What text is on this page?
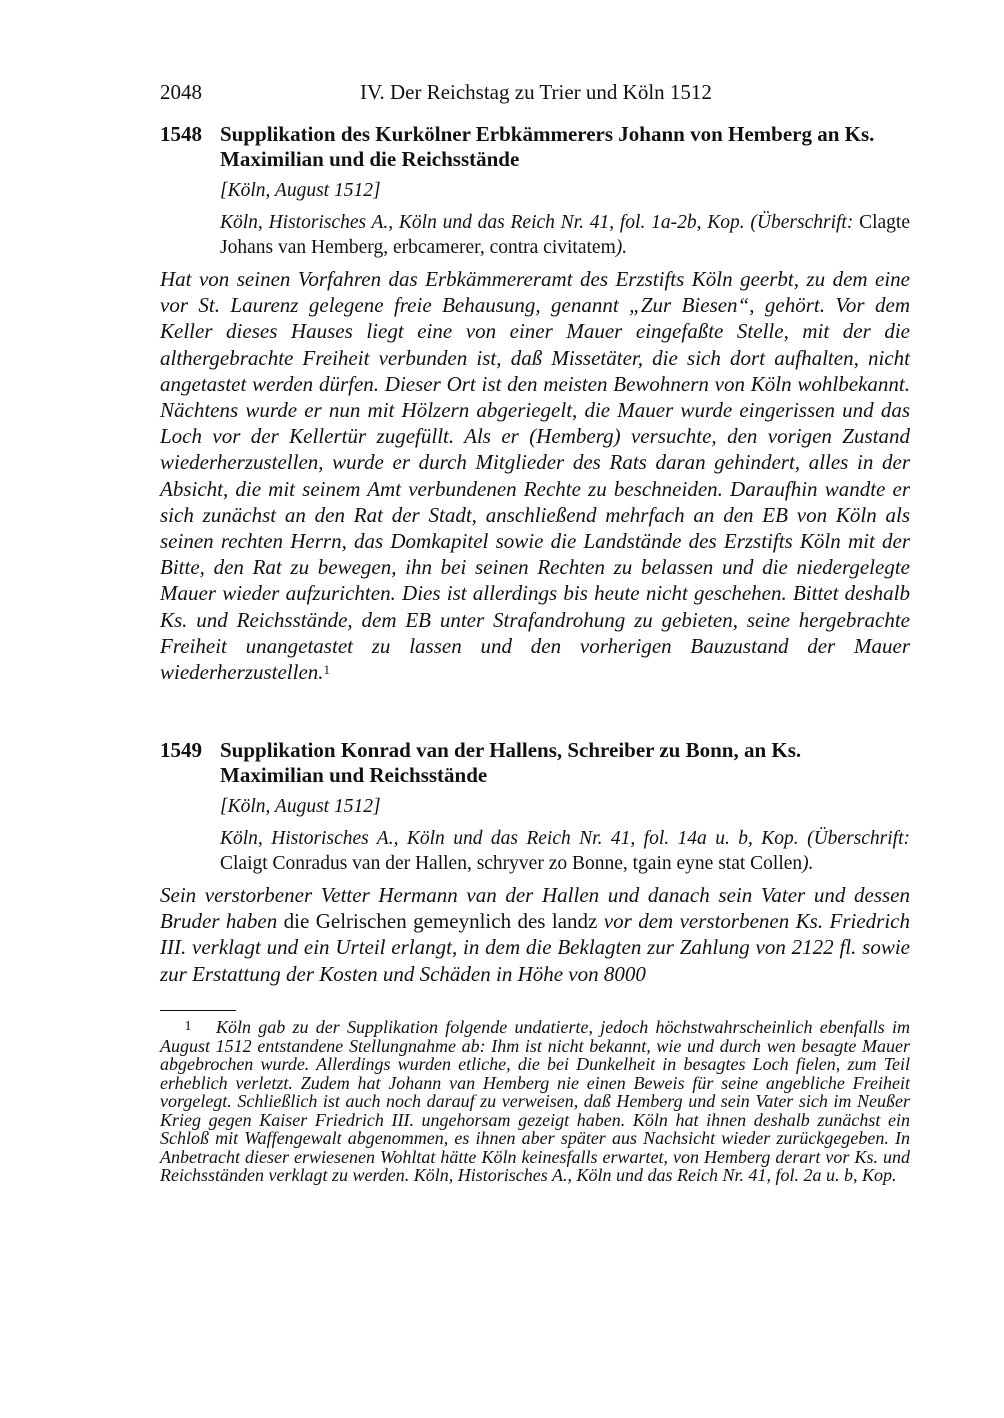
2048	IV. Der Reichstag zu Trier und Köln 1512
1548 Supplikation des Kurkölner Erbkämmerers Johann von Hemberg an Ks. Maximilian und die Reichsstände
[Köln, August 1512]
Köln, Historisches A., Köln und das Reich Nr. 41, fol. 1a-2b, Kop. (Überschrift: Clagte Johans van Hemberg, erbcamerer, contra civitatem).
Hat von seinen Vorfahren das Erbkämmereramt des Erzstifts Köln geerbt, zu dem eine vor St. Laurenz gelegene freie Behausung, genannt „Zur Biesen“, gehört. Vor dem Keller dieses Hauses liegt eine von einer Mauer eingefaßte Stelle, mit der die althergebrachte Freiheit verbunden ist, daß Missetäter, die sich dort aufhalten, nicht angetastet werden dürfen. Dieser Ort ist den meisten Bewohnern von Köln wohlbekannt. Nächtens wurde er nun mit Hölzern abgeriegelt, die Mauer wurde eingerissen und das Loch vor der Kellertür zugefüllt. Als er (Hemberg) versuchte, den vorigen Zustand wiederherzustellen, wurde er durch Mitglieder des Rats daran gehindert, alles in der Absicht, die mit seinem Amt verbundenen Rechte zu beschneiden. Daraufhin wandte er sich zunächst an den Rat der Stadt, anschließend mehrfach an den EB von Köln als seinen rechten Herrn, das Domkapitel sowie die Landstände des Erzstifts Köln mit der Bitte, den Rat zu bewegen, ihn bei seinen Rechten zu belassen und die niedergelegte Mauer wieder aufzurichten. Dies ist allerdings bis heute nicht geschehen. Bittet deshalb Ks. und Reichsstände, dem EB unter Strafandrohung zu gebieten, seine hergebrachte Freiheit unangetastet zu lassen und den vorherigen Bauzustand der Mauer wiederherzustellen.$^1$
1549 Supplikation Konrad van der Hallens, Schreiber zu Bonn, an Ks. Maximilian und Reichsstände
[Köln, August 1512]
Köln, Historisches A., Köln und das Reich Nr. 41, fol. 14a u. b, Kop. (Überschrift: Claigt Conradus van der Hallen, schryver zo Bonne, tgain eyne stat Collen).
Sein verstorbener Vetter Hermann van der Hallen und danach sein Vater und dessen Bruder haben die Gelrischen gemeynlich des landz vor dem verstorbenen Ks. Friedrich III. verklagt und ein Urteil erlangt, in dem die Beklagten zur Zahlung von 2122 fl. sowie zur Erstattung der Kosten und Schäden in Höhe von 8000
1 Köln gab zu der Supplikation folgende undatierte, jedoch höchstwahrscheinlich ebenfalls im August 1512 entstandene Stellungnahme ab: Ihm ist nicht bekannt, wie und durch wen besagte Mauer abgebrochen wurde. Allerdings wurden etliche, die bei Dunkelheit in besagtes Loch fielen, zum Teil erheblich verletzt. Zudem hat Johann van Hemberg nie einen Beweis für seine angebliche Freiheit vorgelegt. Schließlich ist auch noch darauf zu verweisen, daß Hemberg und sein Vater sich im Neußer Krieg gegen Kaiser Friedrich III. ungehorsam gezeigt haben. Köln hat ihnen deshalb zunächst ein Schloß mit Waffengewalt abgenommen, es ihnen aber später aus Nachsicht wieder zurückgegeben. In Anbetracht dieser erwiesenen Wohltat hätte Köln keinesfalls erwartet, von Hemberg derart vor Ks. und Reichsständen verklagt zu werden. Köln, Historisches A., Köln und das Reich Nr. 41, fol. 2a u. b, Kop.
